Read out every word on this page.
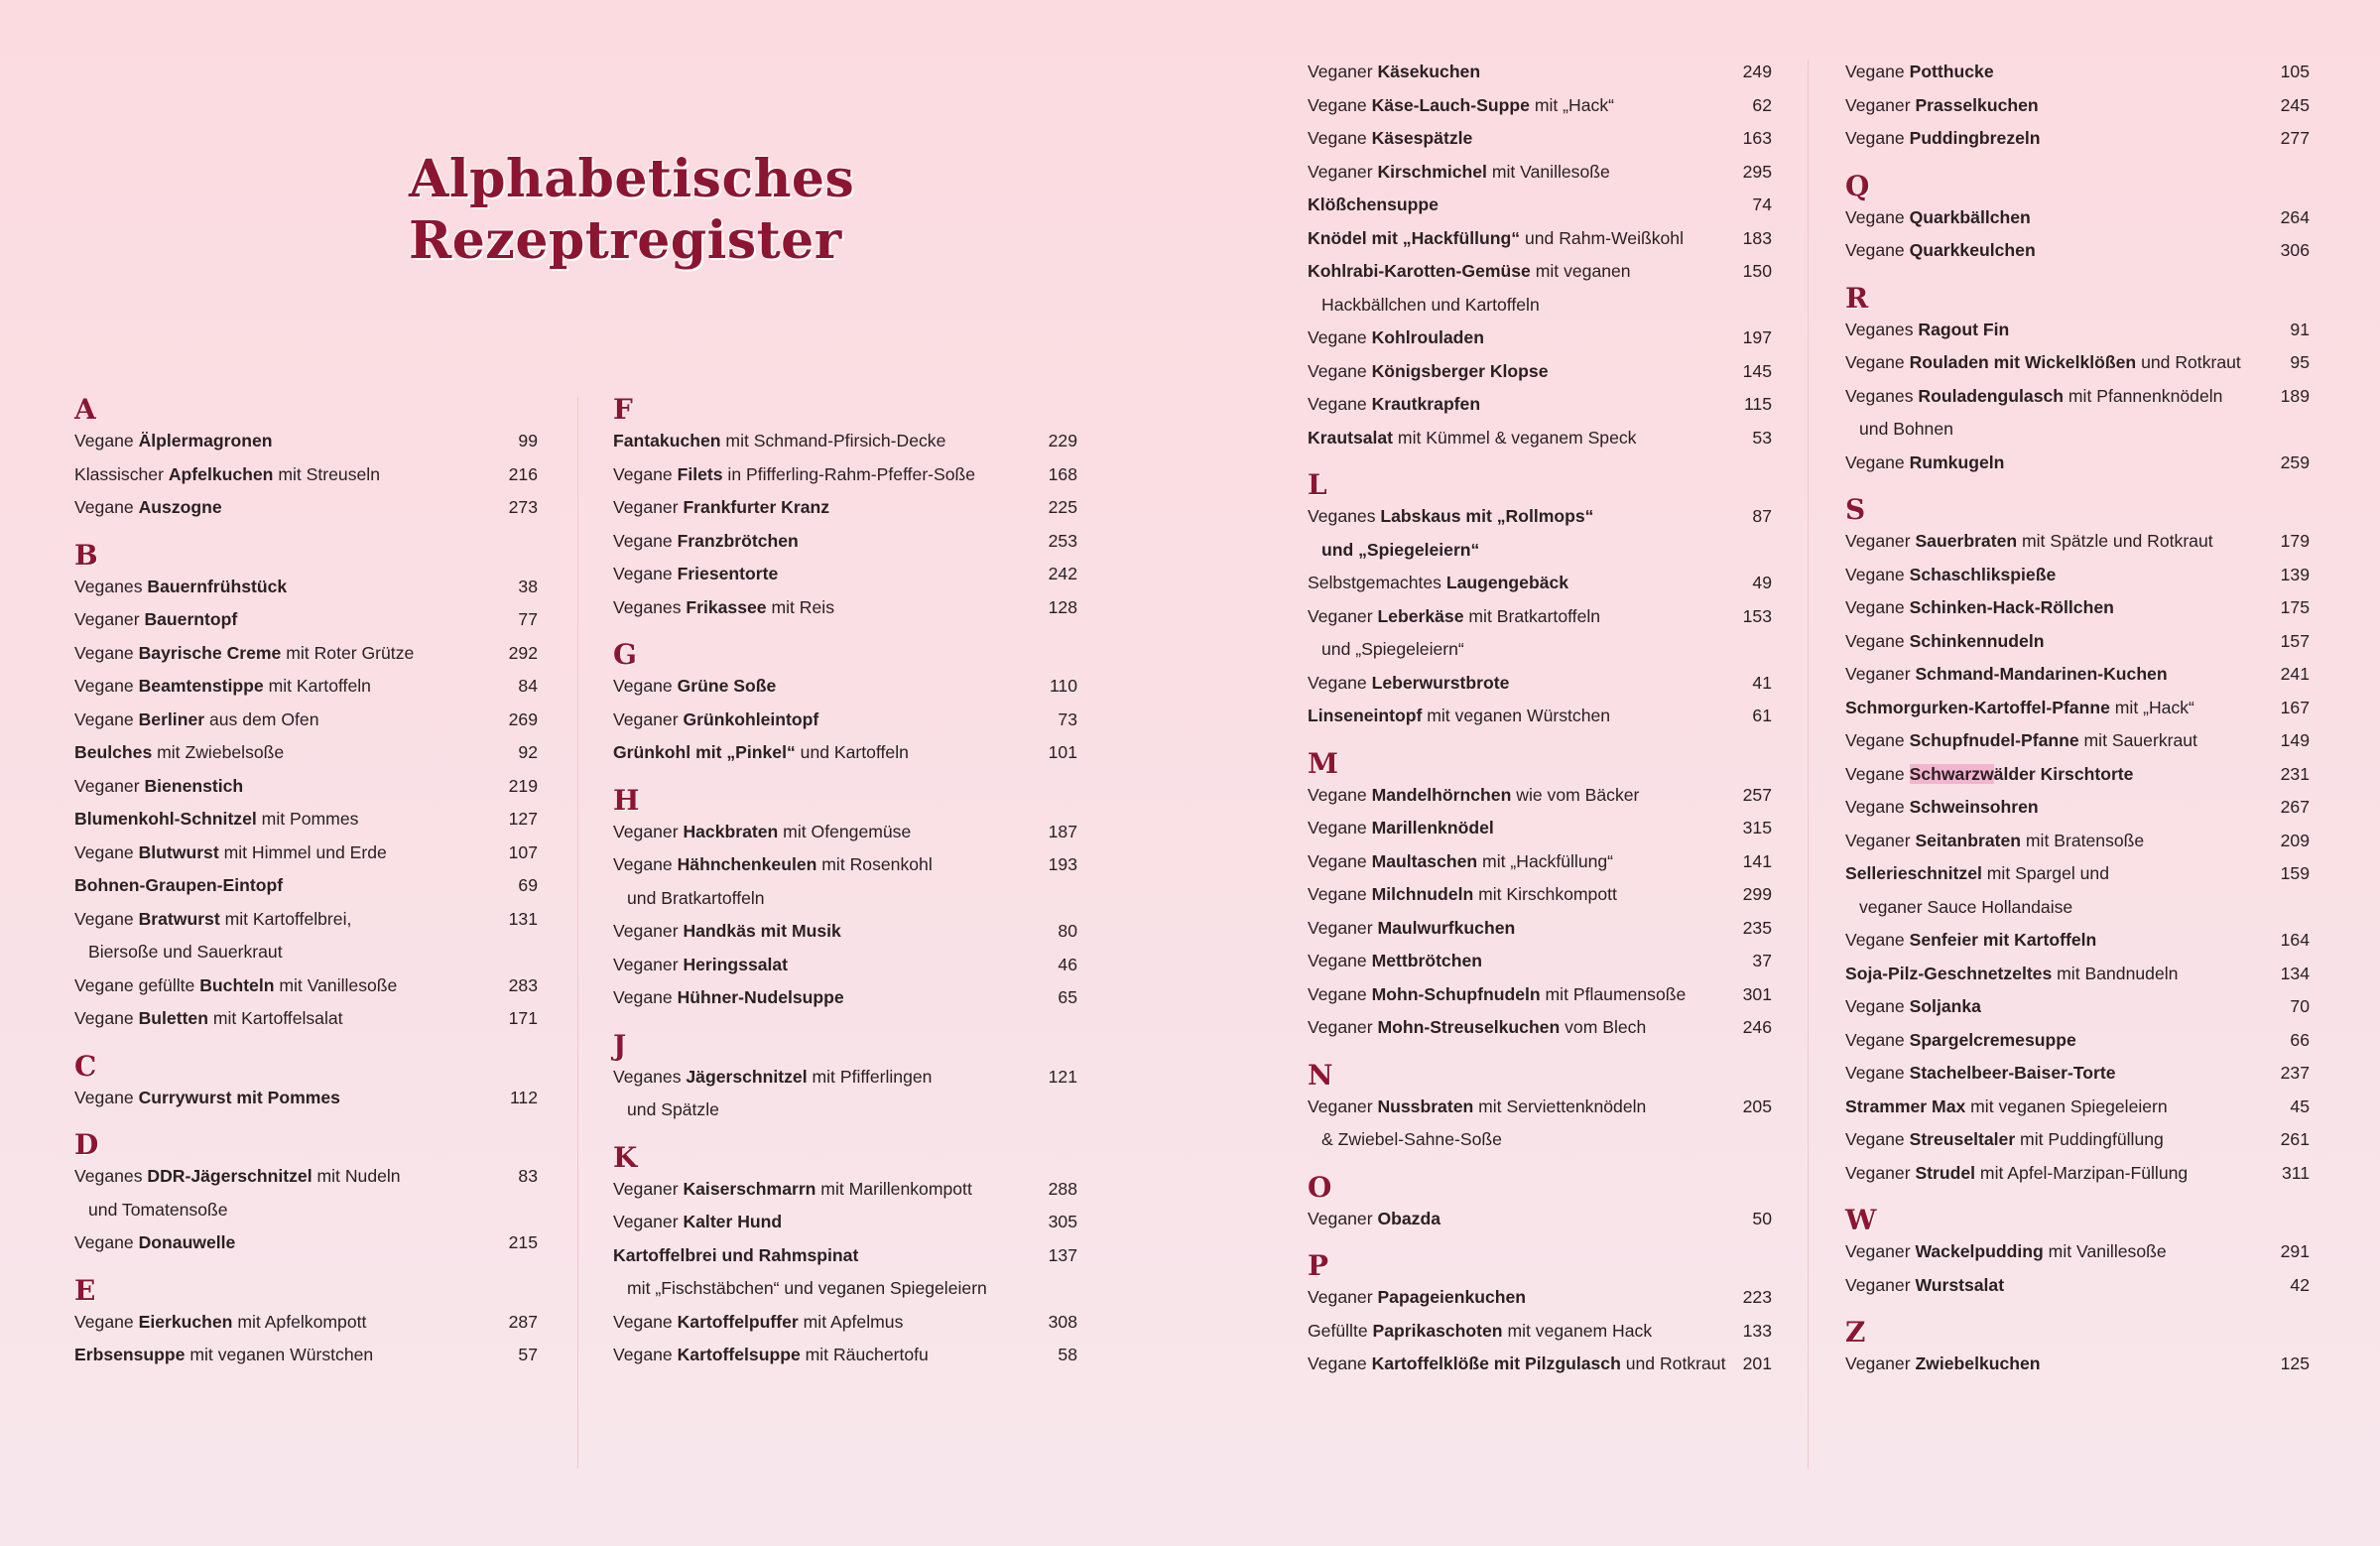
Alphabetisches
Rezeptregister
A
Vegane Älplermagronen	99
Klassischer Apfelkuchen mit Streuseln	216
Vegane Auszogne	273
B
Veganes Bauernfrühstück	38
Veganer Bauerntopf	77
Vegane Bayrische Creme mit Roter Grütze	292
Vegane Beamtenstippe mit Kartoffeln	84
Vegane Berliner aus dem Ofen	269
Beulches mit Zwiebelsoße	92
Veganer Bienenstich	219
Blumenkohl-Schnitzel mit Pommes	127
Vegane Blutwurst mit Himmel und Erde	107
Bohnen-Graupen-Eintopf	69
Vegane Bratwurst mit Kartoffelbrei,	131
Biersoße und Sauerkraut
Vegane gefüllte Buchteln mit Vanillesoße	283
Vegane Buletten mit Kartoffelsalat	171
C
Vegane Currywurst mit Pommes	112
D
Veganes DDR-Jägerschnitzel mit Nudeln	83
und Tomatensoße
Vegane Donauwelle	215
E
Vegane Eierkuchen mit Apfelkompott	287
Erbsensuppe mit veganen Würstchen	57
F
Fantakuchen mit Schmand-Pfirsich-Decke	229
Vegane Filets in Pfifferling-Rahm-Pfeffer-Soße	168
Veganer Frankfurter Kranz	225
Vegane Franzbrötchen	253
Vegane Friesentorte	242
Veganes Frikassee mit Reis	128
G
Vegane Grüne Soße	110
Veganer Grünkohleintopf	73
Grünkohl mit „Pinkel“ und Kartoffeln	101
H
Veganer Hackbraten mit Ofengemüse	187
Vegane Hähnchenkeulen mit Rosenkohl	193
und Bratkartoffeln
Veganer Handkäs mit Musik	80
Veganer Heringssalat	46
Vegane Hühner-Nudelsuppe	65
J
Veganes Jägerschnitzel mit Pfifferlingen	121
und Spätzle
K
Veganer Kaiserschmarrn mit Marillenkompott	288
Veganer Kalter Hund	305
Kartoffelbrei und Rahmspinat	137
mit „Fischstäbchen“ und veganen Spiegeleiern
Vegane Kartoffelpuffer mit Apfelmus	308
Vegane Kartoffelsuppe mit Räuchertofu	58
Veganer Käsekuchen	249
Vegane Käse-Lauch-Suppe mit „Hack“	62
Vegane Käsespätzle	163
Veganer Kirschmichel mit Vanillesoße	295
Klößchensuppe	74
Knödel mit „Hackfüllung“ und Rahm-Weißkohl	183
Kohlrabi-Karotten-Gemüse mit veganen	150
Hackbällchen und Kartoffeln
Vegane Kohlrouladen	197
Vegane Königsberger Klopse	145
Vegane Krautkrapfen	115
Krautsalat mit Kümmel & veganem Speck	53
L
Veganes Labskaus mit „Rollmops“	87
und „Spiegeleiern“
Selbstgemachtes Laugengebäck	49
Veganer Leberkäse mit Bratkartoffeln	153
und „Spiegeleiern“
Vegane Leberwurstbrote	41
Linseneintopf mit veganen Würstchen	61
M
Vegane Mandelhörnchen wie vom Bäcker	257
Vegane Marillenknödel	315
Vegane Maultaschen mit „Hackfüllung“	141
Vegane Milchnudeln mit Kirschkompott	299
Veganer Maulwurfkuchen	235
Vegane Mettbrötchen	37
Vegane Mohn-Schupfnudeln mit Pflaumensoße	301
Veganer Mohn-Streuselkuchen vom Blech	246
N
Veganer Nussbraten mit Serviettenknödeln	205
& Zwiebel-Sahne-Soße
O
Veganer Obazda	50
P
Veganer Papageienkuchen	223
Gefüllte Paprikaschoten mit veganem Hack	133
Vegane Kartoffelklöße mit Pilzgulasch und Rotkraut 201
Vegane Potthucke	105
Veganer Prasselkuchen	245
Vegane Puddingbrezeln	277
Q
Vegane Quarkbällchen	264
Vegane Quarkkeulchen	306
R
Veganes Ragout Fin	91
Vegane Rouladen mit Wickelklößen und Rotkraut	95
Veganes Rouladengulasch mit Pfannenknödeln	189
und Bohnen
Vegane Rumkugeln	259
S
Veganer Sauerbraten mit Spätzle und Rotkraut	179
Vegane Schaschlikspieße	139
Vegane Schinken-Hack-Röllchen	175
Vegane Schinkennudeln	157
Veganer Schmand-Mandarinen-Kuchen	241
Schmorgurken-Kartoffel-Pfanne mit „Hack“	167
Vegane Schupfnudel-Pfanne mit Sauerkraut	149
Vegane Schwarzwälder Kirschtorte	231
Vegane Schweinsohren	267
Veganer Seitanbraten mit Bratensoße	209
Sellerieschnitzel mit Spargel und	159
veganer Sauce Hollandaise
Vegane Senfeier mit Kartoffeln	164
Soja-Pilz-Geschnetzeltes mit Bandnudeln	134
Vegane Soljanka	70
Vegane Spargelcremesuppe	66
Vegane Stachelbeer-Baiser-Torte	237
Strammer Max mit veganen Spiegeleiern	45
Vegane Streuseltaler mit Puddingfüllung	261
Veganer Strudel mit Apfel-Marzipan-Füllung	311
W
Veganer Wackelpudding mit Vanillesoße	291
Veganer Wurstsalat	42
Z
Veganer Zwiebelkuchen	125
